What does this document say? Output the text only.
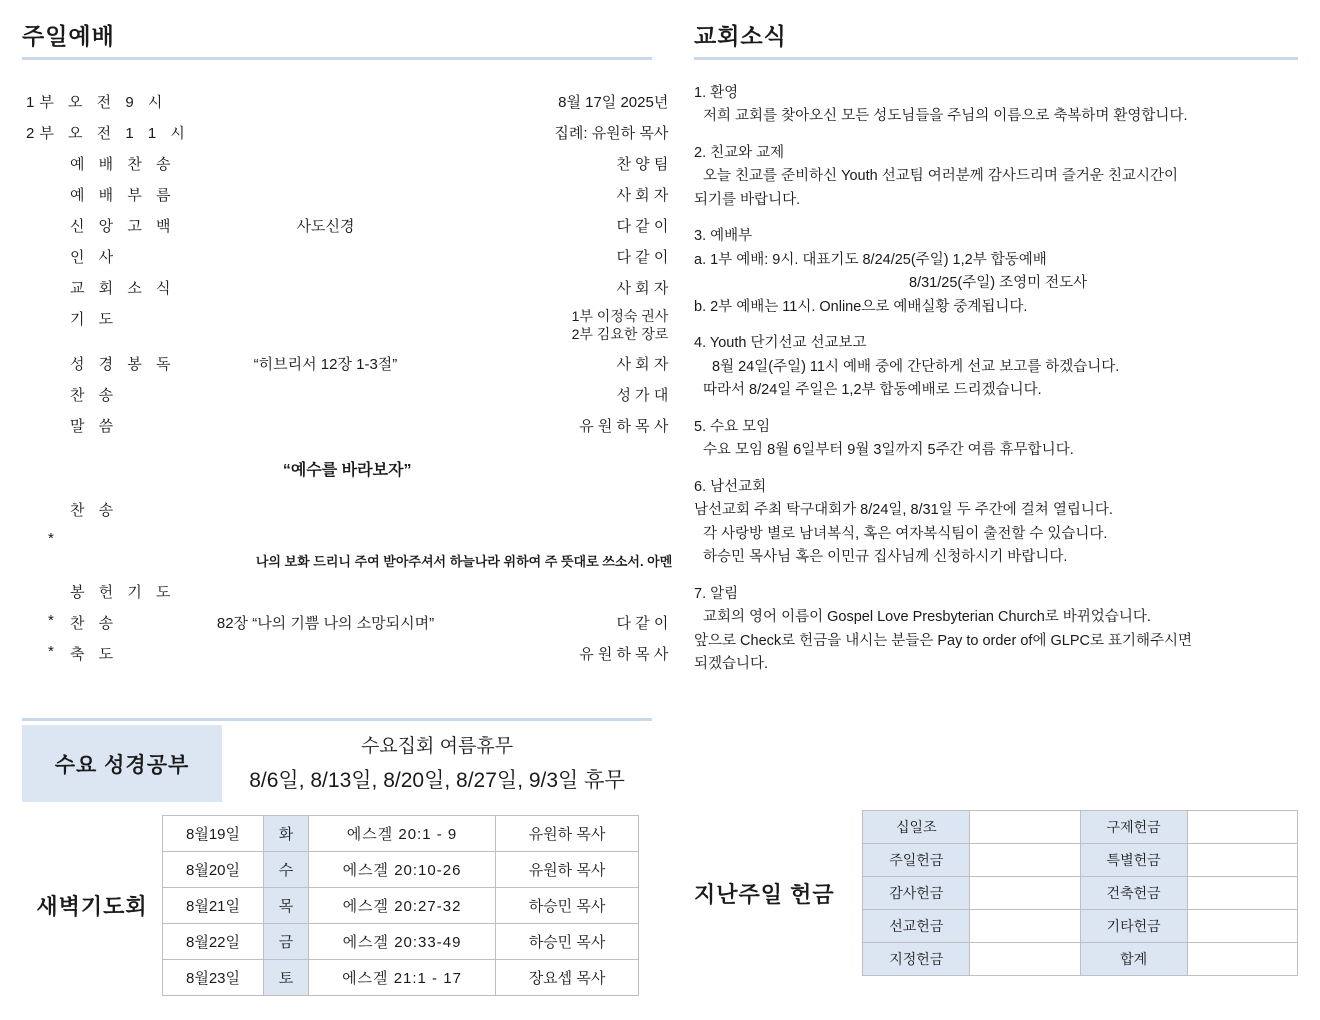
주일예배
1부 오 전 9 시		8월 17일 2025년
2부 오 전 1 1 시		집례: 유원하 목사
예 배 찬 송		찬 양 팀
예 배 부 름		사 회 자
신 앙 고 백	사도신경	다 같 이
인 사		다 같 이
교 회 소 식		사 회 자
기 도		1부 이정숙 권사
2부 김요한 장로

성 경 봉 독	“히브리서 12장 1-3절”	사 회 자
찬 송		성 가 대
말 씀		유 원 하 목 사
“예수를 바라보자”		
찬 송		
*	나의 보화 드리니 주여 받아주셔서 하늘나라 위하여 주 뜻대로 쓰소서. 아멘	
봉 헌 기 도		

* 찬 송	82장 “나의 기쁨 나의 소망되시며”	다 같 이

* 축 도		유 원 하 목 사
수요 성경공부
수요집회 여름휴무
8/6일, 8/13일, 8/20일, 8/27일, 9/3일 휴무
새벽기도회
8월19일	화	에스겔 20:1 - 9	유원하 목사
8월20일	수	에스겔 20:10-26	유원하 목사
8월21일	목	에스겔 20:27-32	하승민 목사
8월22일	금	에스겔 20:33-49	하승민 목사
8월23일	토	에스겔 21:1 - 17	장요셉 목사
교회소식

1. 환영

저희 교회를 찾아오신 모든 성도님들을 주님의 이름으로 축복하며 환영합니다.

2. 친교와 교제

오늘 친교를 준비하신 Youth 선교팀 여러분께 감사드리며 즐거운 친교시간이

되기를 바랍니다.

3. 예배부

a. 1부 예배: 9시. 대표기도 8/24/25(주일) 1,2부 합동예배

8/31/25(주일) 조영미 전도사

b. 2부 예배는 11시. Online으로 예배실황 중계됩니다.

4. Youth 단기선교 선교보고

8월 24일(주일) 11시 예배 중에 간단하게 선교 보고를 하겠습니다.

따라서 8/24일 주일은 1,2부 합동예배로 드리겠습니다.

5. 수요 모임

수요 모임 8월 6일부터 9월 3일까지 5주간 여름 휴무합니다.

6. 남선교회

남선교회 주최 탁구대회가 8/24일, 8/31일 두 주간에 걸쳐 열립니다.

각 사랑방 별로 남녀복식, 혹은 여자복식팀이 출전할 수 있습니다.

하승민 목사님 혹은 이민규 집사님께 신청하시기 바랍니다.

7. 알림

교회의 영어 이름이 Gospel Love Presbyterian Church로 바뀌었습니다.

앞으로 Check로 헌금을 내시는 분들은 Pay to order of에 GLPC로 표기해주시면

되겠습니다.

지난주일 헌금
십일조		구제헌금	
주일헌금		특별헌금	
감사헌금		건축헌금	
선교헌금		기타헌금	
지정헌금		합계	
